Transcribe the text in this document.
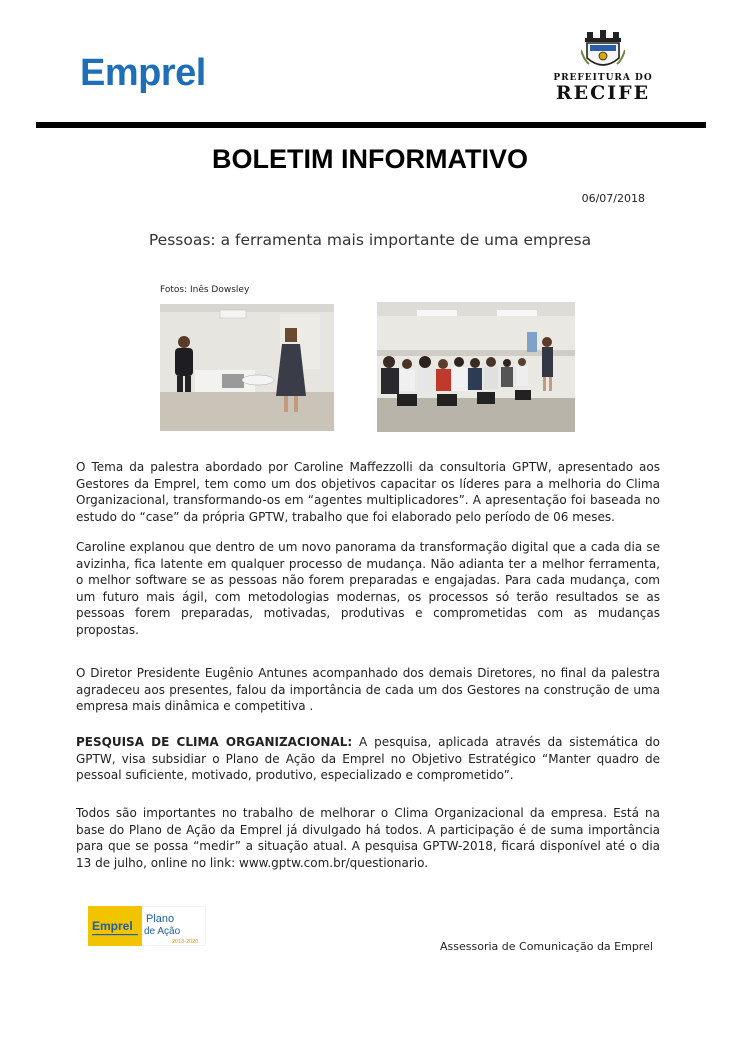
Emprel	PREFEITURA DO
RECIFE
BOLETIM INFORMATIVO
06/07/2018
Pessoas: a ferramenta mais importante de uma empresa
Fotos: Inês Dowsley

O Tema da palestra abordado por Caroline Maffezzolli da consultoria GPTW, apresentado aos Gestores da Emprel, tem como um dos objetivos capacitar os líderes para a melhoria do Clima Organizacional, transformando-os em “agentes multiplicadores”. A apresentação foi baseada no estudo do “case” da própria GPTW, trabalho que foi elaborado pelo período de 06 meses.

Caroline explanou que dentro de um novo panorama da transformação digital que a cada dia se avizinha, fica latente em qualquer processo de mudança. Não adianta ter a melhor ferramenta, o melhor software se as pessoas não forem preparadas e engajadas. Para cada mudança, com um futuro mais ágil, com metodologias modernas, os processos só terão resultados se as pessoas forem preparadas, motivadas, produtivas e comprometidas com as mudanças propostas.

O Diretor Presidente Eugênio Antunes acompanhado dos demais Diretores, no final da palestra agradeceu aos presentes, falou da importância de cada um dos Gestores na construção de uma empresa mais dinâmica e competitiva .

PESQUISA DE CLIMA ORGANIZACIONAL: A pesquisa, aplicada através da sistemática do GPTW, visa subsidiar o Plano de Ação da Emprel no Objetivo Estratégico “Manter quadro de pessoal suficiente, motivado, produtivo, especializado e comprometido”.

Todos são importantes no trabalho de melhorar o Clima Organizacional da empresa. Está na base do Plano de Ação da Emprel já divulgado há todos. A participação é de suma importância para que se possa “medir” a situação atual. A pesquisa GPTW-2018, ficará disponível até o dia 13 de julho, online no link: www.gptw.com.br/questionario.

Emprel Plano
de Ação
2018-2020	Assessoria de Comunicação da Emprel
